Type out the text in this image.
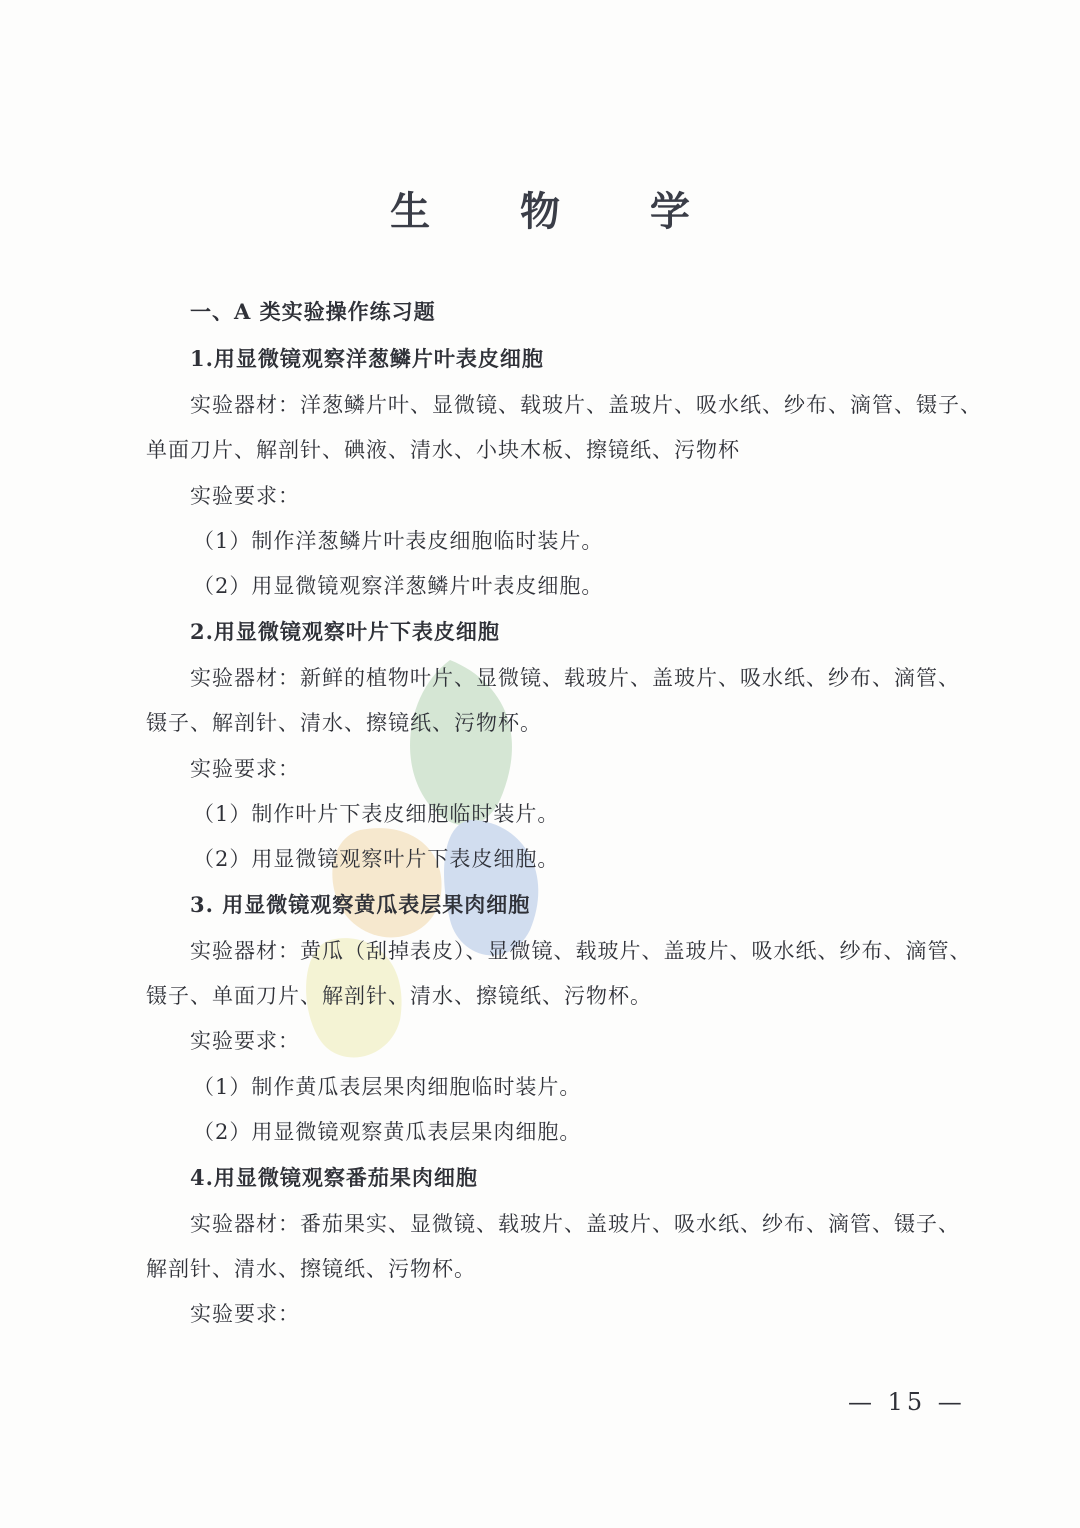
生 物 学
一、A 类实验操作练习题
1.用显微镜观察洋葱鳞片叶表皮细胞
实验器材：洋葱鳞片叶、显微镜、载玻片、盖玻片、吸水纸、纱布、滴管、镊子、
单面刀片、解剖针、碘液、清水、小块木板、擦镜纸、污物杯
实验要求：
（1）制作洋葱鳞片叶表皮细胞临时装片。
（2）用显微镜观察洋葱鳞片叶表皮细胞。
2.用显微镜观察叶片下表皮细胞
实验器材：新鲜的植物叶片、显微镜、载玻片、盖玻片、吸水纸、纱布、滴管、
镊子、解剖针、清水、擦镜纸、污物杯。
实验要求：
（1）制作叶片下表皮细胞临时装片。
（2）用显微镜观察叶片下表皮细胞。
3. 用显微镜观察黄瓜表层果肉细胞
实验器材：黄瓜（刮掉表皮）、显微镜、载玻片、盖玻片、吸水纸、纱布、滴管、
镊子、单面刀片、解剖针、清水、擦镜纸、污物杯。
实验要求：
（1）制作黄瓜表层果肉细胞临时装片。
（2）用显微镜观察黄瓜表层果肉细胞。
4.用显微镜观察番茄果肉细胞
实验器材：番茄果实、显微镜、载玻片、盖玻片、吸水纸、纱布、滴管、镊子、
解剖针、清水、擦镜纸、污物杯。
实验要求：
— 15 —
